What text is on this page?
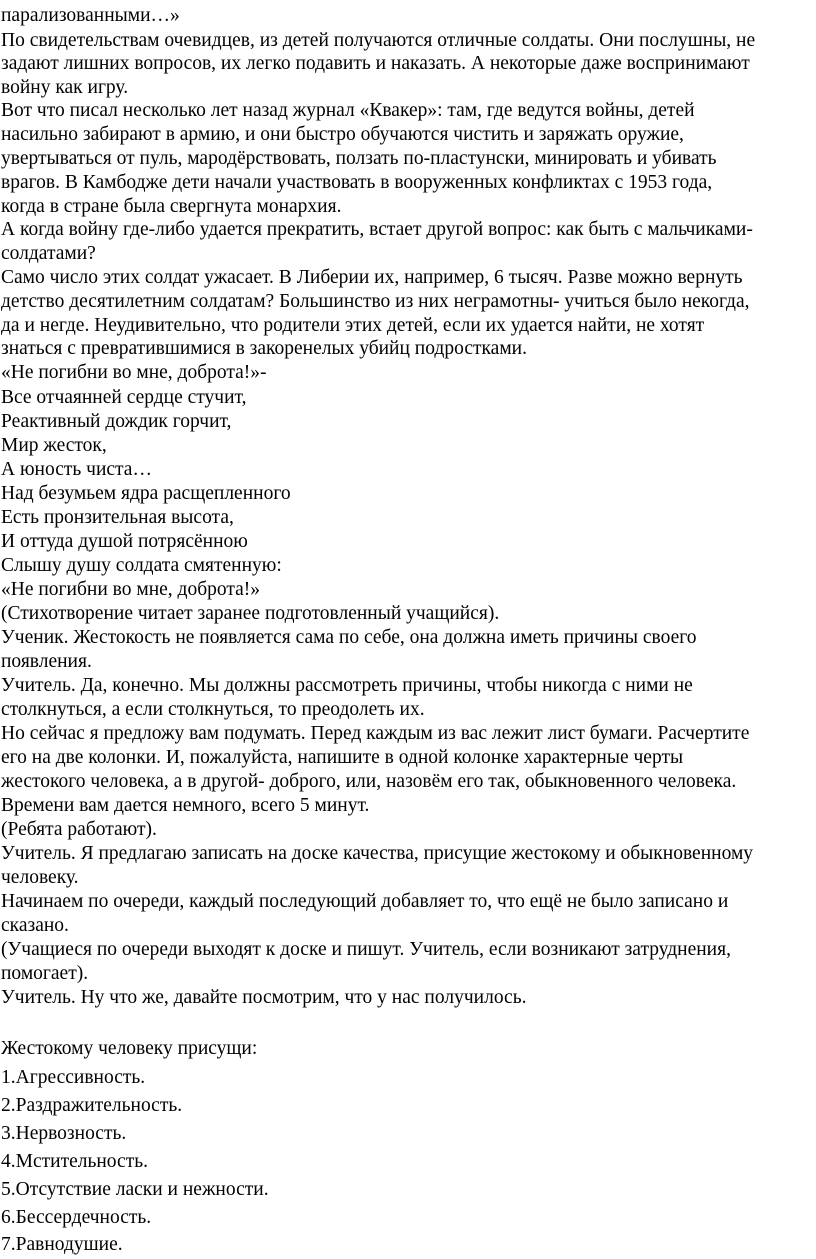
парализованными…»
По свидетельствам очевидцев, из детей получаются отличные солдаты. Они послушны, не
задают лишних вопросов, их легко подавить и наказать. А некоторые даже воспринимают
войну как игру.
Вот что писал несколько лет назад журнал «Квакер»: там, где ведутся войны, детей
насильно забирают в армию, и они быстро обучаются чистить и заряжать оружие,
увертываться от пуль, мародёрствовать, ползать по-пластунски, минировать и убивать
врагов. В Камбодже дети начали участвовать в вооруженных конфликтах с 1953 года,
когда в стране была свергнута монархия.
А когда войну где-либо удается прекратить, встает другой вопрос: как быть с мальчиками-
солдатами?
Само число этих солдат ужасает. В Либерии их, например, 6 тысяч. Разве можно вернуть
детство десятилетним солдатам? Большинство из них неграмотны- учиться было некогда,
да и негде. Неудивительно, что родители этих детей, если их удается найти, не хотят
знаться с превратившимися в закоренелых убийц подростками.
«Не погибни во мне, доброта!»-
Все отчаянней сердце стучит,
Реактивный дождик горчит,
Мир жесток,
А юность чиста…
Над безумьем ядра расщепленного
Есть пронзительная высота,
И оттуда душой потрясённою
Слышу душу солдата смятенную:
«Не погибни во мне, доброта!»
(Стихотворение читает заранее подготовленный учащийся).
Ученик. Жестокость не появляется сама по себе, она должна иметь причины своего
появления.
Учитель. Да, конечно. Мы должны рассмотреть причины, чтобы никогда с ними не
столкнуться, а если столкнуться, то преодолеть их.
Но сейчас я предложу вам подумать. Перед каждым из вас лежит лист бумаги. Расчертите
его на две колонки. И, пожалуйста, напишите в одной колонке характерные черты
жестокого человека, а в другой- доброго, или, назовём его так, обыкновенного человека.
Времени вам дается немного, всего 5 минут.
(Ребята работают).
Учитель. Я предлагаю записать на доске качества, присущие жестокому и обыкновенному
человеку.
Начинаем по очереди, каждый последующий добавляет то, что ещё не было записано и
сказано.
(Учащиеся по очереди выходят к доске и пишут. Учитель, если возникают затруднения,
помогает).
Учитель. Ну что же, давайте посмотрим, что у нас получилось.
Жестокому человеку присущи:
1.Агрессивность.
2.Раздражительность.
3.Нервозность.
4.Мстительность.
5.Отсутствие ласки и нежности.
6.Бессердечность.
7.Равнодушие.
